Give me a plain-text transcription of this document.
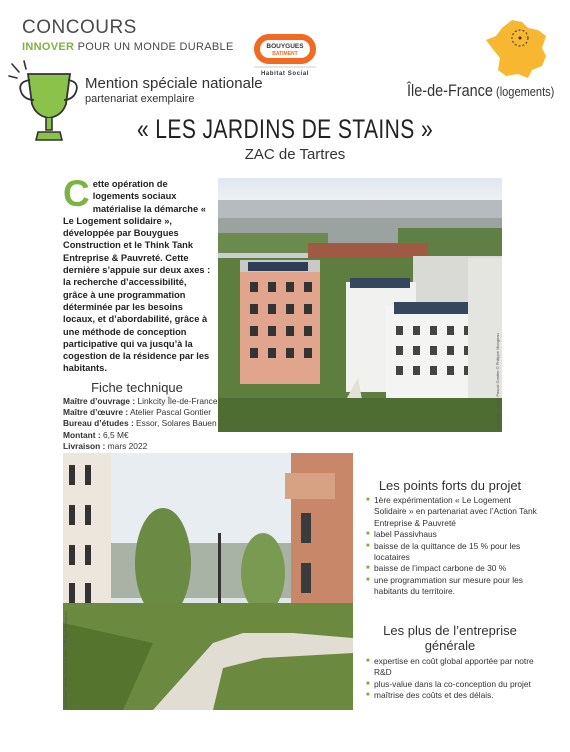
CONCOURS
INNOVER POUR UN MONDE DURABLE	BOUYGUES
BATIMENT
Habitat Social
Mention spéciale nationale
partenariat exemplaire	Île-de-France (logements)
« LES JARDINS DE STAINS »
ZAC de Tartres
Cette opération de logements sociaux matérialise la démarche « Le Logement solidaire », développée par Bouygues Construction et le Think Tank Entreprise & Pauvreté. Cette dernière s’appuie sur deux axes : la recherche d’accessibilité, grâce à une programmation déterminée par les besoins locaux, et d’abordabilité, grâce à une méthode de conception participative qui va jusqu’à la cogestion de la résidence par les habitants.	Architecte : Atelier Pascal Gontier © Philippe Mongeau
Fiche technique
Maître d’ouvrage : Linkcity Île-de-France
Maître d’œuvre : Atelier Pascal Gontier
Bureau d’études : Essor, Solares Bauen
Montant : 6,5 M€
Livraison : mars 2022
Architecte : Atelier Pascal Gontier © Philippe Mongeau
Les points forts du projet
■ 1ère expérimentation « Le Logement Solidaire » en partenariat avec l’Action Tank Entreprise & Pauvreté
■ label Passivhaus
■ baisse de la quittance de 15 % pour les locataires
■ baisse de l’impact carbone de 30 %
■ une programmation sur mesure pour les habitants du territoire.
Les plus de l’entreprise générale
■ expertise en coût global apportée par notre R&D
■ plus-value dans la co-conception du projet
■ maîtrise des coûts et des délais.
